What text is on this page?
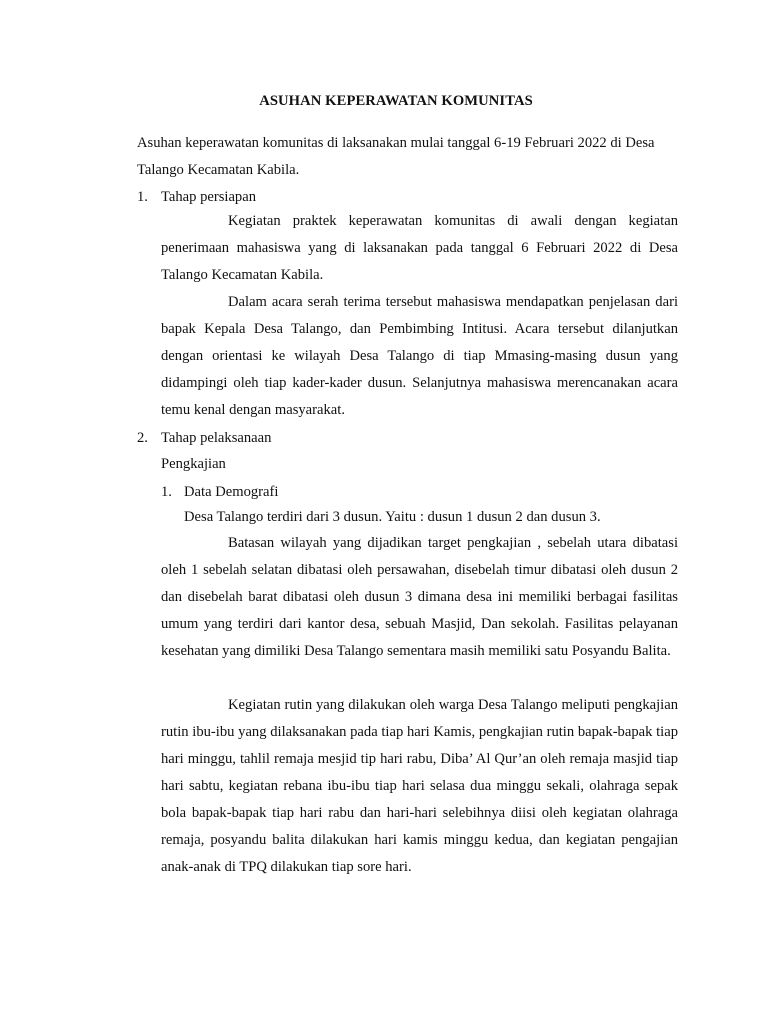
ASUHAN KEPERAWATAN KOMUNITAS
Asuhan keperawatan komunitas di laksanakan mulai tanggal 6-19 Februari 2022 di Desa Talango Kecamatan Kabila.
1. Tahap persiapan
Kegiatan praktek keperawatan komunitas di awali dengan kegiatan penerimaan mahasiswa yang di laksanakan pada tanggal 6 Februari 2022 di Desa Talango Kecamatan Kabila.
Dalam acara serah terima tersebut mahasiswa mendapatkan penjelasan dari bapak Kepala Desa Talango, dan Pembimbing Intitusi. Acara tersebut dilanjutkan dengan orientasi ke wilayah Desa Talango di tiap Mmasing-masing dusun yang didampingi oleh tiap kader-kader dusun. Selanjutnya mahasiswa merencanakan acara temu kenal dengan masyarakat.
2. Tahap pelaksanaan
Pengkajian
1. Data Demografi
Desa Talango terdiri dari 3 dusun. Yaitu : dusun 1 dusun 2 dan dusun 3.
Batasan wilayah yang dijadikan target pengkajian , sebelah utara dibatasi oleh 1 sebelah selatan dibatasi oleh persawahan, disebelah timur dibatasi oleh dusun 2 dan disebelah barat dibatasi oleh dusun 3 dimana desa ini memiliki berbagai fasilitas umum yang terdiri dari kantor desa, sebuah Masjid, Dan sekolah. Fasilitas pelayanan kesehatan yang dimiliki Desa Talango sementara masih memiliki satu Posyandu Balita.
Kegiatan rutin yang dilakukan oleh warga Desa Talango meliputi pengkajian rutin ibu-ibu yang dilaksanakan pada tiap hari Kamis, pengkajian rutin bapak-bapak tiap hari minggu, tahlil remaja mesjid tip hari rabu, Diba’ Al Qur’an oleh remaja masjid tiap hari sabtu, kegiatan rebana ibu-ibu tiap hari selasa dua minggu sekali, olahraga sepak bola bapak-bapak tiap hari rabu dan hari-hari selebihnya diisi oleh kegiatan olahraga remaja, posyandu balita dilakukan hari kamis minggu kedua, dan kegiatan pengajian anak-anak di TPQ dilakukan tiap sore hari.
